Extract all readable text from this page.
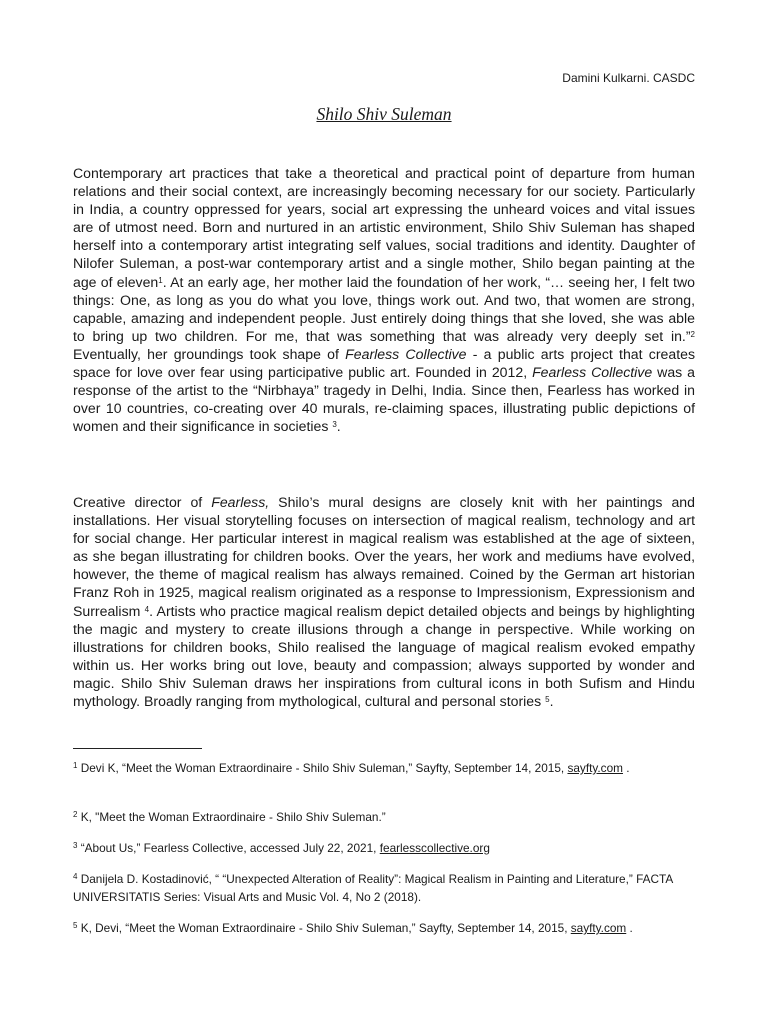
Damini Kulkarni. CASDC
Shilo Shiv Suleman

Contemporary art practices that take a theoretical and practical point of departure from human relations and their social context, are increasingly becoming necessary for our society. Particularly in India, a country oppressed for years, social art expressing the unheard voices and vital issues are of utmost need. Born and nurtured in an artistic environment, Shilo Shiv Suleman has shaped herself into a contemporary artist integrating self values, social traditions and identity. Daughter of Nilofer Suleman, a post-war contemporary artist and a single mother, Shilo began painting at the age of eleven$^1$. At an early age, her mother laid the foundation of her work, “… seeing her, I felt two things: One, as long as you do what you love, things work out. And two, that women are strong, capable, amazing and independent people. Just entirely doing things that she loved, she was able to bring up two children. For me, that was something that was already very deeply set in.”$^2$ Eventually, her groundings took shape of Fearless Collective - a public arts project that creates space for love over fear using participative public art. Founded in 2012, Fearless Collective was a response of the artist to the “Nirbhaya” tragedy in Delhi, India. Since then, Fearless has worked in over 10 countries, co-creating over 40 murals, re-claiming spaces, illustrating public depictions of women and their significance in societies $^3$.

Creative director of Fearless, Shilo’s mural designs are closely knit with her paintings and installations. Her visual storytelling focuses on intersection of magical realism, technology and art for social change. Her particular interest in magical realism was established at the age of sixteen, as she began illustrating for children books. Over the years, her work and mediums have evolved, however, the theme of magical realism has always remained. Coined by the German art historian Franz Roh in 1925, magical realism originated as a response to Impressionism, Expressionism and Surrealism $^4$. Artists who practice magical realism depict detailed objects and beings by highlighting the magic and mystery to create illusions through a change in perspective. While working on illustrations for children books, Shilo realised the language of magical realism evoked empathy within us. Her works bring out love, beauty and compassion; always supported by wonder and magic. Shilo Shiv Suleman draws her inspirations from cultural icons in both Sufism and Hindu mythology. Broadly ranging from mythological, cultural and personal stories $^5$.

$^1$ Devi K, “Meet the Woman Extraordinaire - Shilo Shiv Suleman,” Sayfty, September 14, 2015, sayfty.com .
$^2$ K, "Meet the Woman Extraordinaire - Shilo Shiv Suleman.”
$^3$ “About Us,” Fearless Collective, accessed July 22, 2021, fearlesscollective.org
$^4$ Danijela D. Kostadinović, “ “Unexpected Alteration of Reality”: Magical Realism in Painting and Literature,” FACTA UNIVERSITATIS Series: Visual Arts and Music Vol. 4, No 2 (2018).
$^5$ K, Devi, “Meet the Woman Extraordinaire - Shilo Shiv Suleman,” Sayfty, September 14, 2015, sayfty.com .
